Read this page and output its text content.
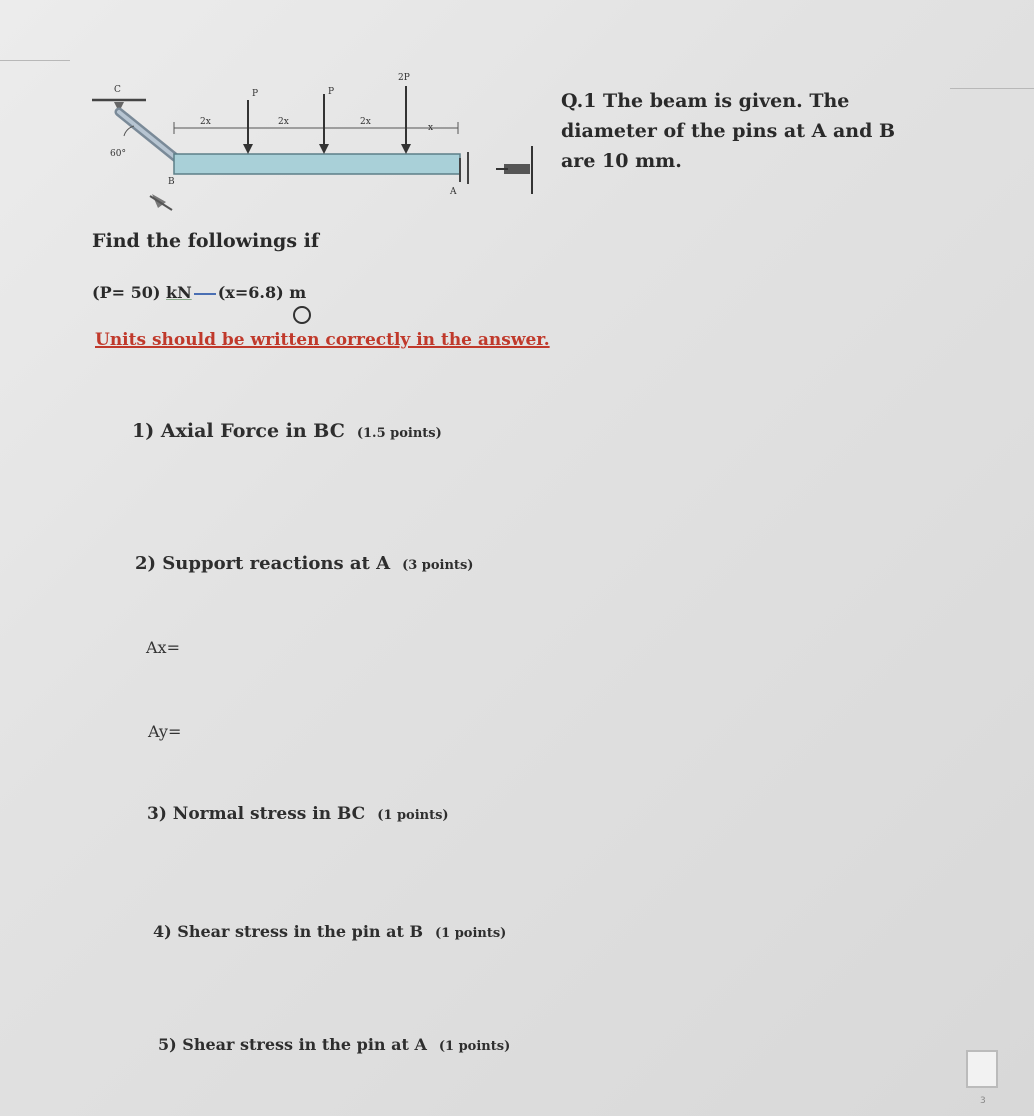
C
60°
B
A
2x	2x	2x
x
P	P
2P
Q.1 The beam is given. The diameter of the pins at A and B are 10 mm.
Find the followings if
(P= 50) kN (x=6.8) m
Units should be written correctly in the answer.
1) Axial Force in BC (1.5 points)
2) Support reactions at A (3 points)
Ax=
Ay=
3) Normal stress in BC (1 points)
4) Shear stress in the pin at B (1 points)
5) Shear stress in the pin at A (1 points)
3
